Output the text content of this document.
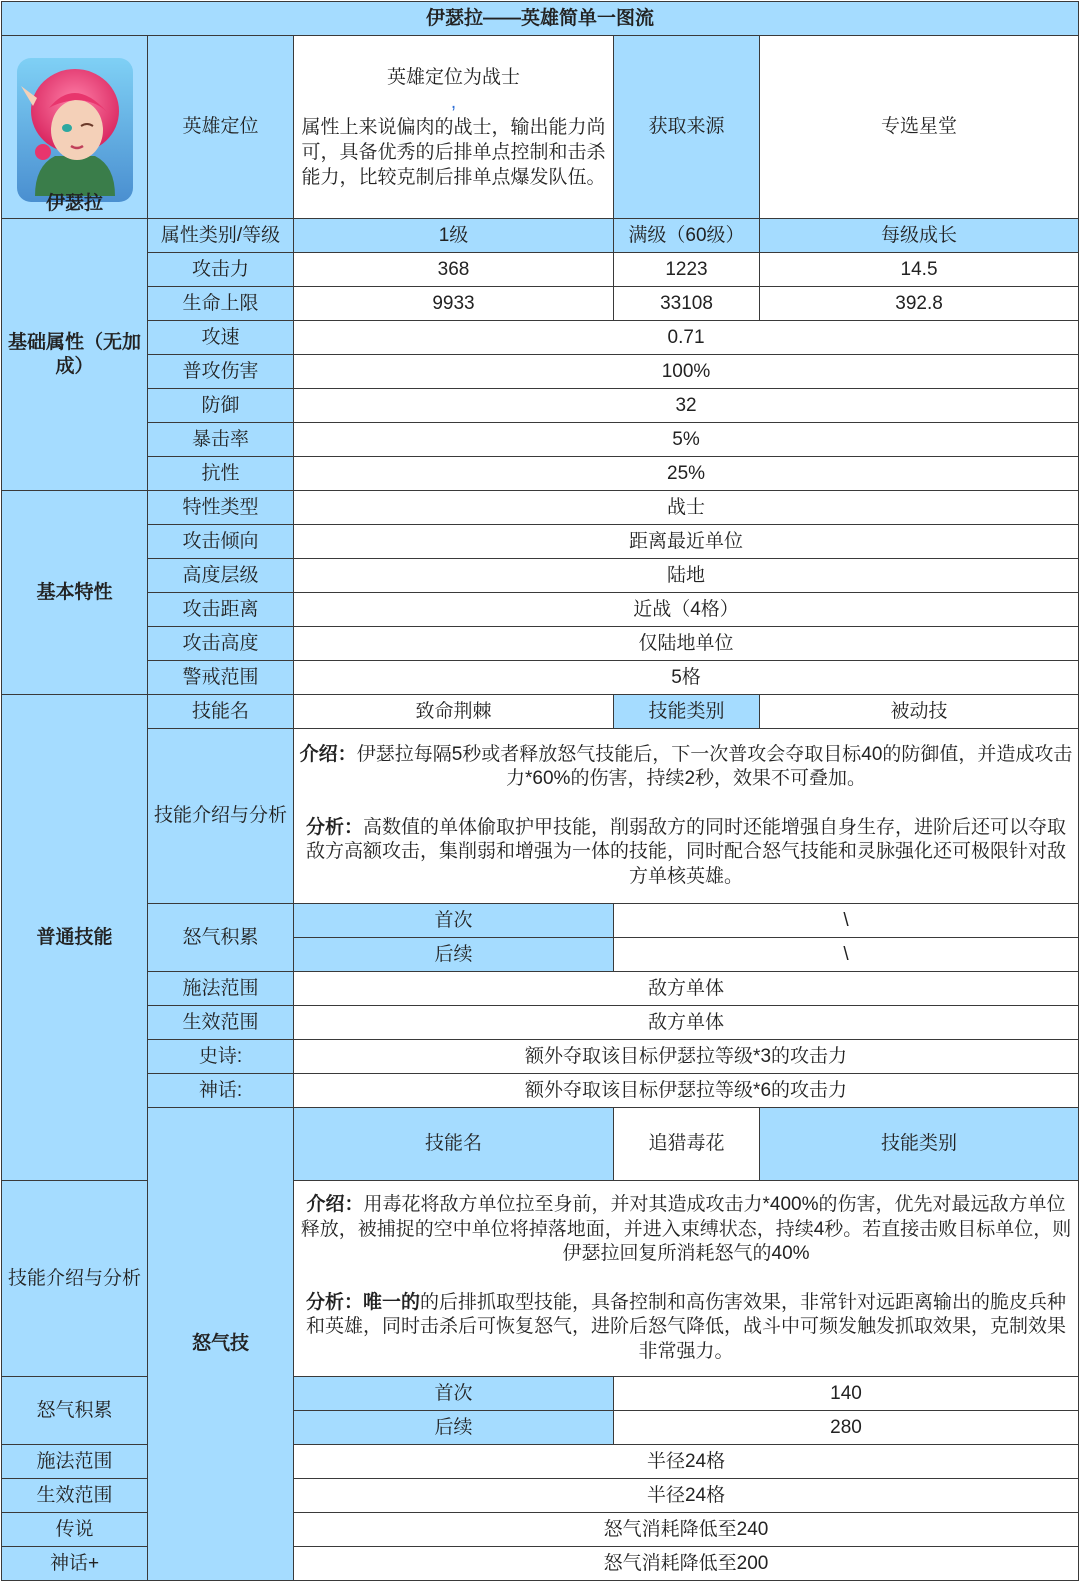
伊瑟拉——英雄简单一图流					

伊瑟拉	英雄定位	英雄定位为战士
,
属性上来说偏肉的战士，输出能力尚可，具备优秀的后排单点控制和击杀能力，比较克制后排单点爆发队伍。	获取来源	专选星堂	
基础属性（无加成）	属性类别/等级	1级	满级（60级）	每级成长	
	攻击力	368	1223	14.5	
	生命上限	9933	33108	392.8	
	攻速	0.71			
	普攻伤害	100%			
	防御	32			
	暴击率	5%			
	抗性	25%			
基本特性	特性类型	战士			
	攻击倾向	距离最近单位			
	高度层级	陆地			
	攻击距离	近战（4格）			
	攻击高度	仅陆地单位			
	警戒范围	5格			
普通技能	技能名	致命荆棘	技能类别	被动技	
	技能介绍与分析	介绍：伊瑟拉每隔5秒或者释放怒气技能后，下一次普攻会夺取目标40的防御值，并造成攻击力*60%的伤害，持续2秒，效果不可叠加。

分析：高数值的单体偷取护甲技能，削弱敌方的同时还能增强自身生存，进阶后还可以夺取敌方高额攻击，集削弱和增强为一体的技能，同时配合怒气技能和灵脉强化还可极限针对敌方单核英雄。			

	怒气积累	首次	\		
		后续	\		
	施法范围	敌方单体			
	生效范围	敌方单体			
	史诗:	额外夺取该目标伊瑟拉等级*3的攻击力			
	神话:	额外夺取该目标伊瑟拉等级*6的攻击力			
	怒气技	技能名	追猎毒花	技能类别	
技能介绍与分析		介绍：用毒花将敌方单位拉至身前，并对其造成攻击力*400%的伤害，优先对最远敌方单位释放，被捕捉的空中单位将掉落地面，并进入束缚状态，持续4秒。若直接击败目标单位，则伊瑟拉回复所消耗怒气的40%

分析：唯一的的后排抓取型技能，具备控制和高伤害效果，非常针对远距离输出的脆皮兵种和英雄，同时击杀后可恢复怒气，进阶后怒气降低，战斗中可频发触发抓取效果，克制效果非常强力。			

怒气积累		首次	140		
		后续	280		
施法范围		半径24格			
生效范围		半径24格			
传说		怒气消耗降低至240			
神话+		怒气消耗降低至200			
